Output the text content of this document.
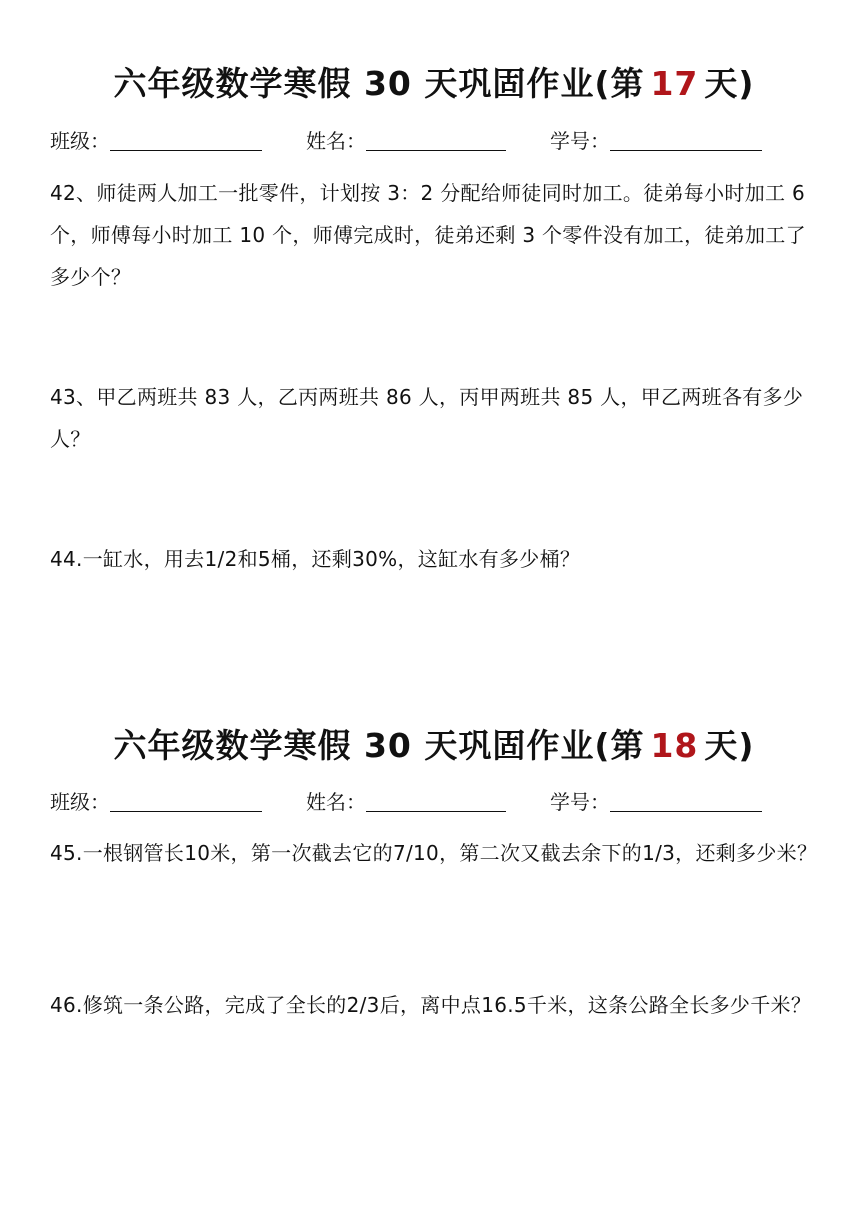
六年级数学寒假 30 天巩固作业(第 17 天)
班级：	姓名：	学号：
42、师徒两人加工一批零件，计划按 3：2 分配给师徒同时加工。徒弟每小时加工 6 个，师傅每小时加工 10 个，师傅完成时，徒弟还剩 3 个零件没有加工，徒弟加工了多少个？
43、甲乙两班共 83 人，乙丙两班共 86 人，丙甲两班共 85 人，甲乙两班各有多少人？
44.一缸水，用去1/2和5桶，还剩30%，这缸水有多少桶？
六年级数学寒假 30 天巩固作业(第 18 天)
班级：	姓名：	学号：
45.一根钢管长10米，第一次截去它的7/10，第二次又截去余下的1/3，还剩多少米？
46.修筑一条公路，完成了全长的2/3后，离中点16.5千米，这条公路全长多少千米？
